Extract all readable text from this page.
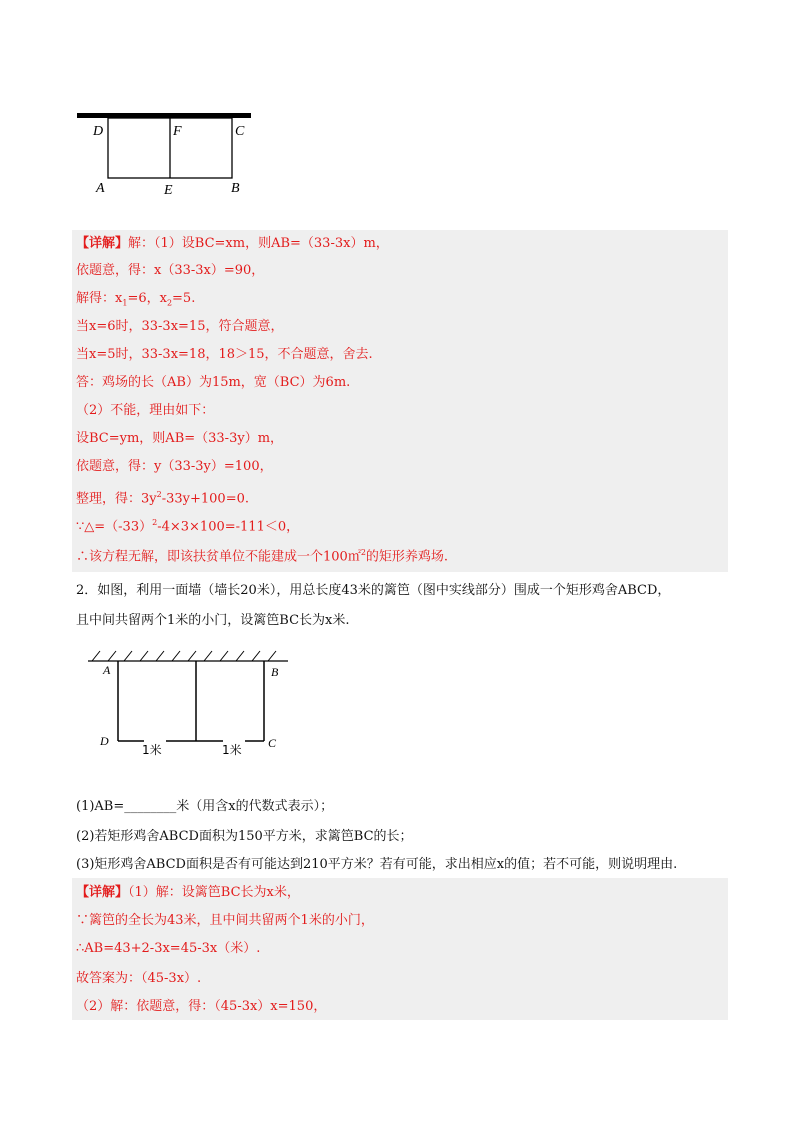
D	F	C
A	E	B
【详解】解：（1）设BC=xm，则AB=（33-3x）m，
依题意，得：x（33-3x）=90，
解得：$x_1=6$，$x_2=5$.
当x=6时，33-3x=15，符合题意，
当x=5时，33-3x=18，18＞15，不合题意，舍去.
答：鸡场的长（AB）为15m，宽（BC）为6m.
（2）不能，理由如下：
设BC=ym，则AB=（33-3y）m，
依题意，得：y（33-3y）=100，
整理，得：$3y^2-33y+100=0$.
$\because\triangle=(-33)^2-4\times 3\times 100=-111<0$，
∴该方程无解，即该扶贫单位不能建成一个100㎡$^2$的矩形养鸡场.
2．如图，利用一面墙（墙长20米），用总长度43米的篱笆（图中实线部分）围成一个矩形鸡舍ABCD，
且中间共留两个1米的小门，设篱笆BC长为x米.
A	B
D	C
1米	1米
(1)AB=________米（用含x的代数式表示）；
(2)若矩形鸡舍ABCD面积为150平方米，求篱笆BC的长；
(3)矩形鸡舍ABCD面积是否有可能达到210平方米？若有可能，求出相应x的值；若不可能，则说明理由.
【详解】（1）解：设篱笆BC长为x米，
∵篱笆的全长为43米，且中间共留两个1米的小门，
∴AB=43+2-3x=45-3x（米）.
故答案为：（45-3x）.
（2）解：依题意，得：（45-3x）x=150，
